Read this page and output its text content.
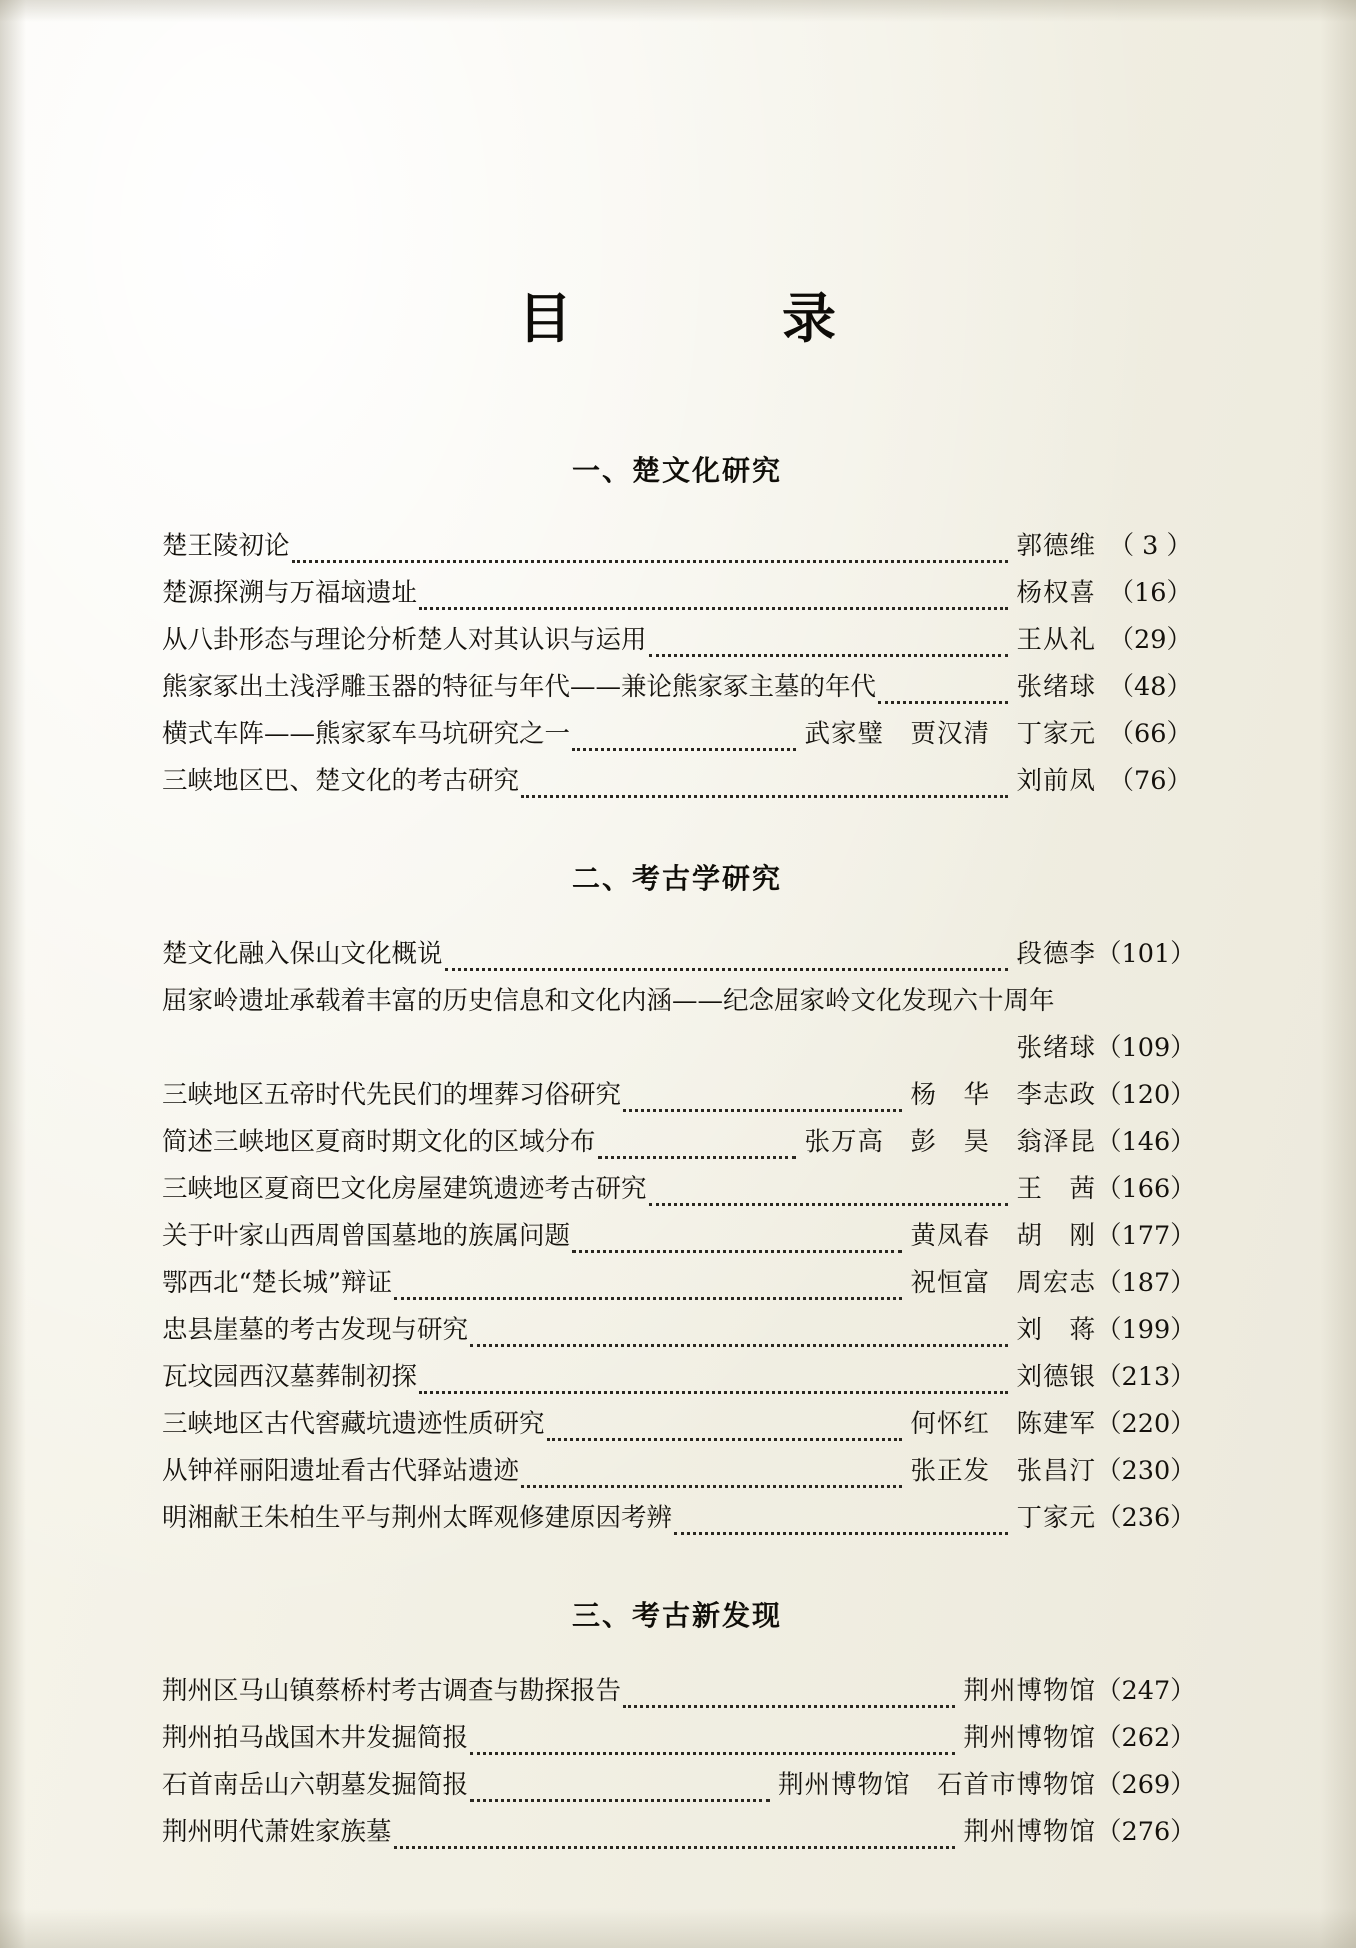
目　　录
一、楚文化研究
楚王陵初论	郭德维 （ 3 ）
楚源探溯与万福垴遗址	杨权喜 （16）
从八卦形态与理论分析楚人对其认识与运用	王从礼 （29）
熊家冢出土浅浮雕玉器的特征与年代——兼论熊家冢主墓的年代	张绪球 （48）
横式车阵——熊家冢车马坑研究之一	武家璧　贾汉清　丁家元 （66）
三峡地区巴、楚文化的考古研究	刘前凤 （76）
二、考古学研究
楚文化融入保山文化概说	段德李 （101）
屈家岭遗址承载着丰富的历史信息和文化内涵——纪念屈家岭文化发现六十周年
张绪球 （109）
三峡地区五帝时代先民们的埋葬习俗研究	杨　华　李志政 （120）
简述三峡地区夏商时期文化的区域分布	张万高　彭　昊　翁泽昆 （146）
三峡地区夏商巴文化房屋建筑遗迹考古研究	王　茜 （166）
关于叶家山西周曾国墓地的族属问题	黄凤春　胡　刚 （177）
鄂西北“楚长城”辩证	祝恒富　周宏志 （187）
忠县崖墓的考古发现与研究	刘　蒋 （199）
瓦坟园西汉墓葬制初探	刘德银 （213）
三峡地区古代窖藏坑遗迹性质研究	何怀红　陈建军 （220）
从钟祥丽阳遗址看古代驿站遗迹	张正发　张昌汀 （230）
明湘献王朱柏生平与荆州太晖观修建原因考辨	丁家元 （236）
三、考古新发现
荆州区马山镇蔡桥村考古调查与勘探报告	荆州博物馆 （247）
荆州拍马战国木井发掘简报	荆州博物馆 （262）
石首南岳山六朝墓发掘简报	荆州博物馆　石首市博物馆 （269）
荆州明代萧姓家族墓	荆州博物馆 （276）
